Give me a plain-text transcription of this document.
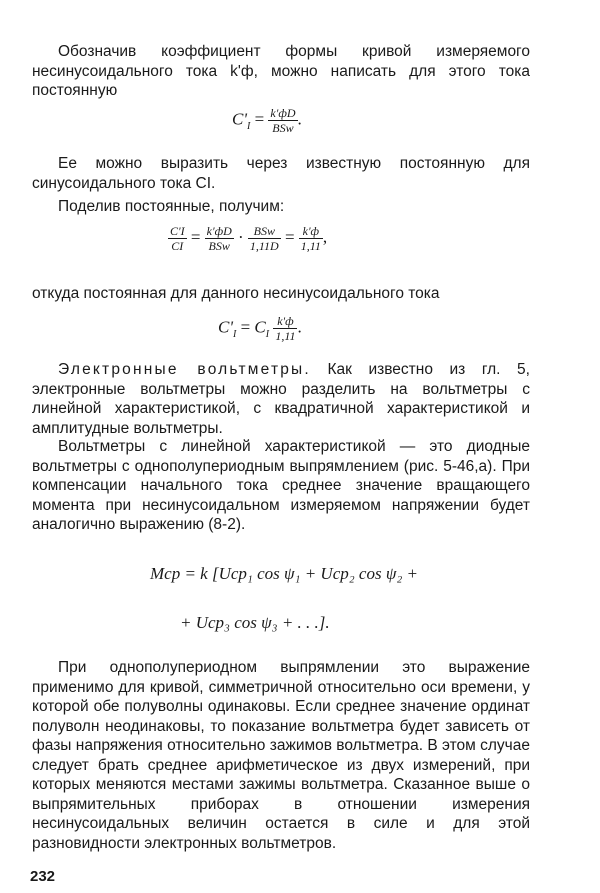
Обозначив коэффициент формы кривой измеряемого несинусоидального тока k'ф, можно написать для этого тока постоянную
$C'_I = \frac{k'фD}{\text{BSw}}$ .
Ее можно выразить через известную постоянную для синусоидального тока CI.
Поделив постоянные, получим:
$\frac{C'I}{CI} = \frac{k'фD}{\text{BSw}} \cdot \frac{\text{BSw}}{1,11D} = \frac{k'ф}{1,11}$ ,
откуда постоянная для данного несинусоидального тока
$C'_I = C_I \frac{k'ф}{1,11}$ .
Электронные вольтметры. Как известно из гл. 5, электронные вольтметры можно разделить на вольтметры с линейной характеристикой, с квадратичной характеристикой и амплитудные вольтметры.
Вольтметры с линейной характеристикой — это диодные вольтметры с однополупериодным выпрямлением (рис. 5-46,а). При компенсации начального тока среднее значение вращающего момента при несинусоидальном измеряемом напряжении будет аналогично выражению (8-2).
Mср = k [Uср₁ cos ψ₁ + Uср₂ cos ψ₂ +
+ Uср₃ cos ψ₃ + . . .].
При однополупериодном выпрямлении это выражение применимо для кривой, симметричной относительно оси времени, у которой обе полуволны одинаковы. Если среднее значение ординат полуволн неодинаковы, то показание вольтметра будет зависеть от фазы напряжения относительно зажимов вольтметра. В этом случае следует брать среднее арифметическое из двух измерений, при которых меняются местами зажимы вольтметра. Сказанное выше о выпрямительных приборах в отношении измерения несинусоидальных величин остается в силе и для этой разновидности электронных вольтметров.
232
